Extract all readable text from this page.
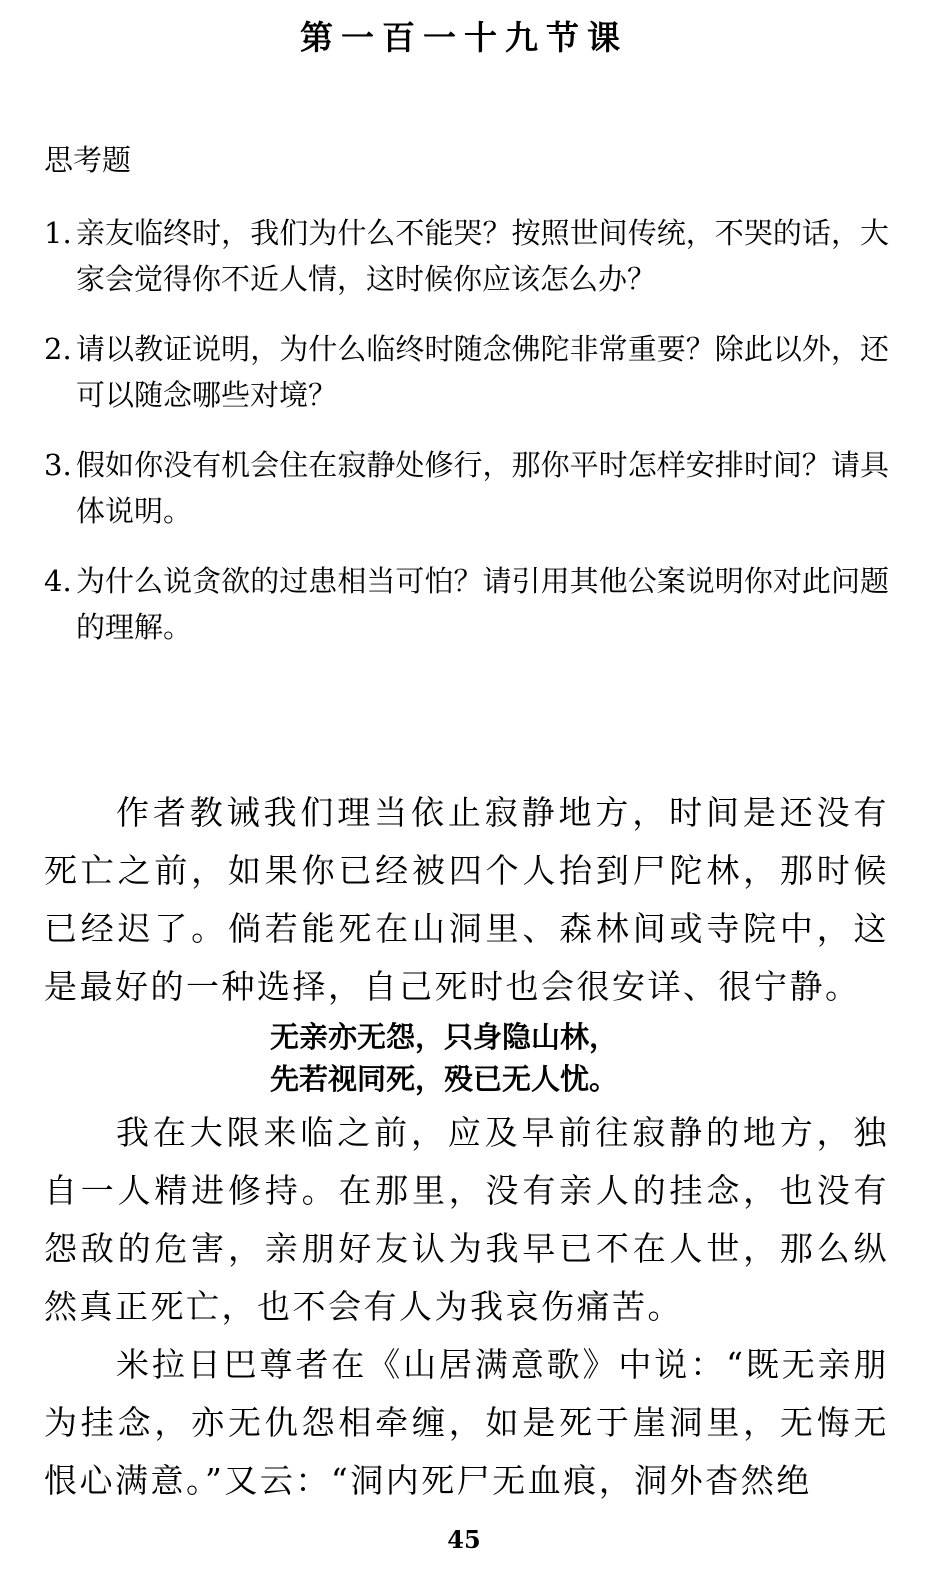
第一百一十九节课
思考题
1. 亲友临终时，我们为什么不能哭？按照世间传统，不哭的话，大家会觉得你不近人情，这时候你应该怎么办？
2. 请以教证说明，为什么临终时随念佛陀非常重要？除此以外，还可以随念哪些对境？
3. 假如你没有机会住在寂静处修行，那你平时怎样安排时间？请具体说明。
4. 为什么说贪欲的过患相当可怕？请引用其他公案说明你对此问题的理解。

作者教诫我们理当依止寂静地方，时间是还没有死亡之前，如果你已经被四个人抬到尸陀林，那时候已经迟了。倘若能死在山洞里、森林间或寺院中，这是最好的一种选择，自己死时也会很安详、很宁静。

无亲亦无怨，只身隐山林，

先若视同死，殁已无人忧。

我在大限来临之前，应及早前往寂静的地方，独自一人精进修持。在那里，没有亲人的挂念，也没有怨敌的危害，亲朋好友认为我早已不在人世，那么纵然真正死亡，也不会有人为我哀伤痛苦。

米拉日巴尊者在《山居满意歌》中说：“既无亲朋为挂念，亦无仇怨相牵缠，如是死于崖洞里，无悔无恨心满意。”又云：“洞内死尸无血痕，洞外杳然绝

45
